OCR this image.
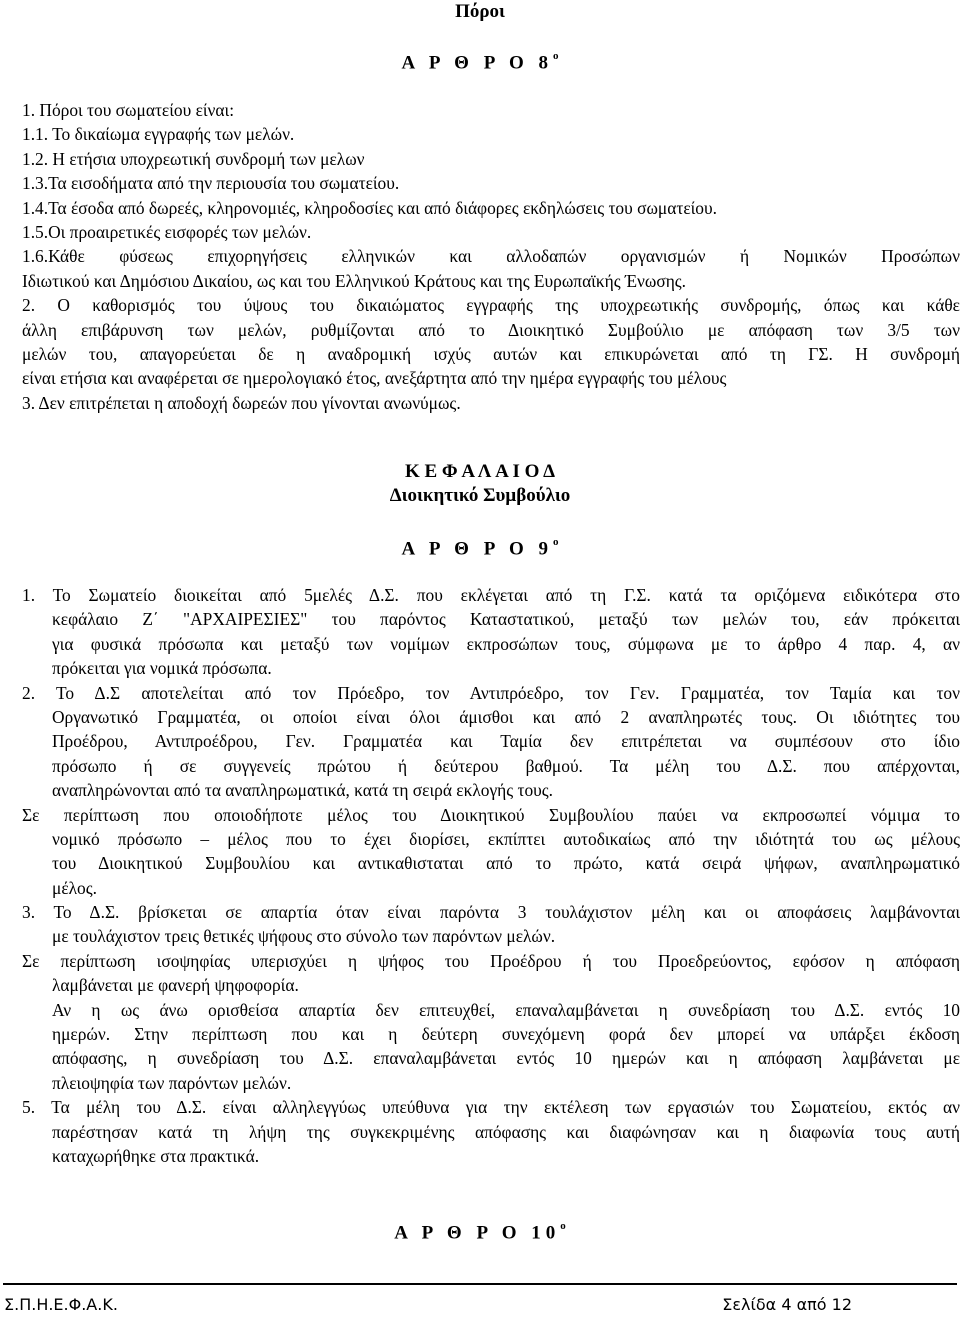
Πόροι
Α Ρ Θ Ρ Ο $8^o$
1. Πόροι του σωματείου είναι:
1.1. Το δικαίωμα εγγραφής των μελών.
1.2. Η ετήσια υποχρεωτική συνδρομή των μελων
1.3.Τα εισοδήματα από την περιουσία του σωματείου.
1.4.Τα έσοδα από δωρεές, κληρονομιές, κληροδοσίες και από διάφορες εκδηλώσεις του σωματείου.
1.5.Οι προαιρετικές εισφορές των μελών.
1.6.Κάθε φύσεως επιχορηγήσεις ελληνικών και αλλοδαπών οργανισμών ή Νομικών Προσώπων
Ιδιωτικού και Δημόσιου Δικαίου, ως και του Ελληνικού Κράτους και της Ευρωπαϊκής Ένωσης.
2. Ο καθορισμός του ύψους του δικαιώματος εγγραφής της υποχρεωτικής συνδρομής, όπως και κάθε
άλλη επιβάρυνση των μελών, ρυθμίζονται από το Διοικητικό Συμβούλιο με απόφαση των 3/5 των
μελών του, απαγορεύεται δε η αναδρομική ισχύς αυτών και επικυρώνεται από τη ΓΣ. Η συνδρομή
είναι ετήσια και αναφέρεται σε ημερολογιακό έτος, ανεξάρτητα από την ημέρα εγγραφής του μέλους
3. Δεν επιτρέπεται η αποδοχή δωρεών που γίνονται ανωνύμως.
Κ Ε Φ Α Λ Α Ι Ο Δ
Διοικητικό Συμβούλιο
Α Ρ Θ Ρ Ο $9^o$
1. Το Σωματείο διοικείται από 5μελές Δ.Σ. που εκλέγεται από τη Γ.Σ. κατά τα οριζόμενα ειδικότερα στο
κεφάλαιο Ζ΄ "ΑΡΧΑΙΡΕΣΙΕΣ" του παρόντος Καταστατικού, μεταξύ των μελών του, εάν πρόκειται
για φυσικά πρόσωπα και μεταξύ των νομίμων εκπροσώπων τους, σύμφωνα με το άρθρο 4 παρ. 4, αν
πρόκειται για νομικά πρόσωπα.
2. Το Δ.Σ αποτελείται από τον Πρόεδρο, τον Αντιπρόεδρο, τον Γεν. Γραμματέα, τον Ταμία και τον
Οργανωτικό Γραμματέα, οι οποίοι είναι όλοι άμισθοι και από 2 αναπληρωτές τους. Οι ιδιότητες του
Προέδρου, Αντιπροέδρου, Γεν. Γραμματέα και Ταμία δεν επιτρέπεται να συμπέσουν στο ίδιο
πρόσωπο ή σε συγγενείς πρώτου ή δεύτερου βαθμού. Τα μέλη του Δ.Σ. που απέρχονται,
αναπληρώνονται από τα αναπληρωματικά, κατά τη σειρά εκλογής τους.
Σε περίπτωση που οποιοδήποτε μέλος του Διοικητικού Συμβουλίου παύει να εκπροσωπεί νόμιμα το
νομικό πρόσωπο – μέλος που το έχει διορίσει, εκπίπτει αυτοδικαίως από την ιδιότητά του ως μέλους
του Διοικητικού Συμβουλίου και αντικαθισταται από το πρώτο, κατά σειρά ψήφων, αναπληρωματικό
μέλος.
3. Το Δ.Σ. βρίσκεται σε απαρτία όταν είναι παρόντα 3 τουλάχιστον μέλη και οι αποφάσεις λαμβάνονται
με τουλάχιστον τρεις θετικές ψήφους στο σύνολο των παρόντων μελών.
Σε περίπτωση ισοψηφίας υπερισχύει η ψήφος του Προέδρου ή του Προεδρεύοντος, εφόσον η απόφαση
λαμβάνεται με φανερή ψηφοφορία.
Αν η ως άνω ορισθείσα απαρτία δεν επιτευχθεί, επαναλαμβάνεται η συνεδρίαση του Δ.Σ. εντός 10
ημερών. Στην περίπτωση που και η δεύτερη συνεχόμενη φορά δεν μπορεί να υπάρξει έκδοση
απόφασης, η συνεδρίαση του Δ.Σ. επαναλαμβάνεται εντός 10 ημερών και η απόφαση λαμβάνεται με
πλειοψηφία των παρόντων μελών.
5. Τα μέλη του Δ.Σ. είναι αλληλεγγύως υπεύθυνα για την εκτέλεση των εργασιών του Σωματείου, εκτός αν
παρέστησαν κατά τη λήψη της συγκεκριμένης απόφασης και διαφώνησαν και η διαφωνία τους αυτή
καταχωρήθηκε στα πρακτικά.
Α Ρ Θ Ρ Ο $10^o$
Σ.Π.Η.Ε.Φ.Α.Κ.	Σελίδα 4 από 12
